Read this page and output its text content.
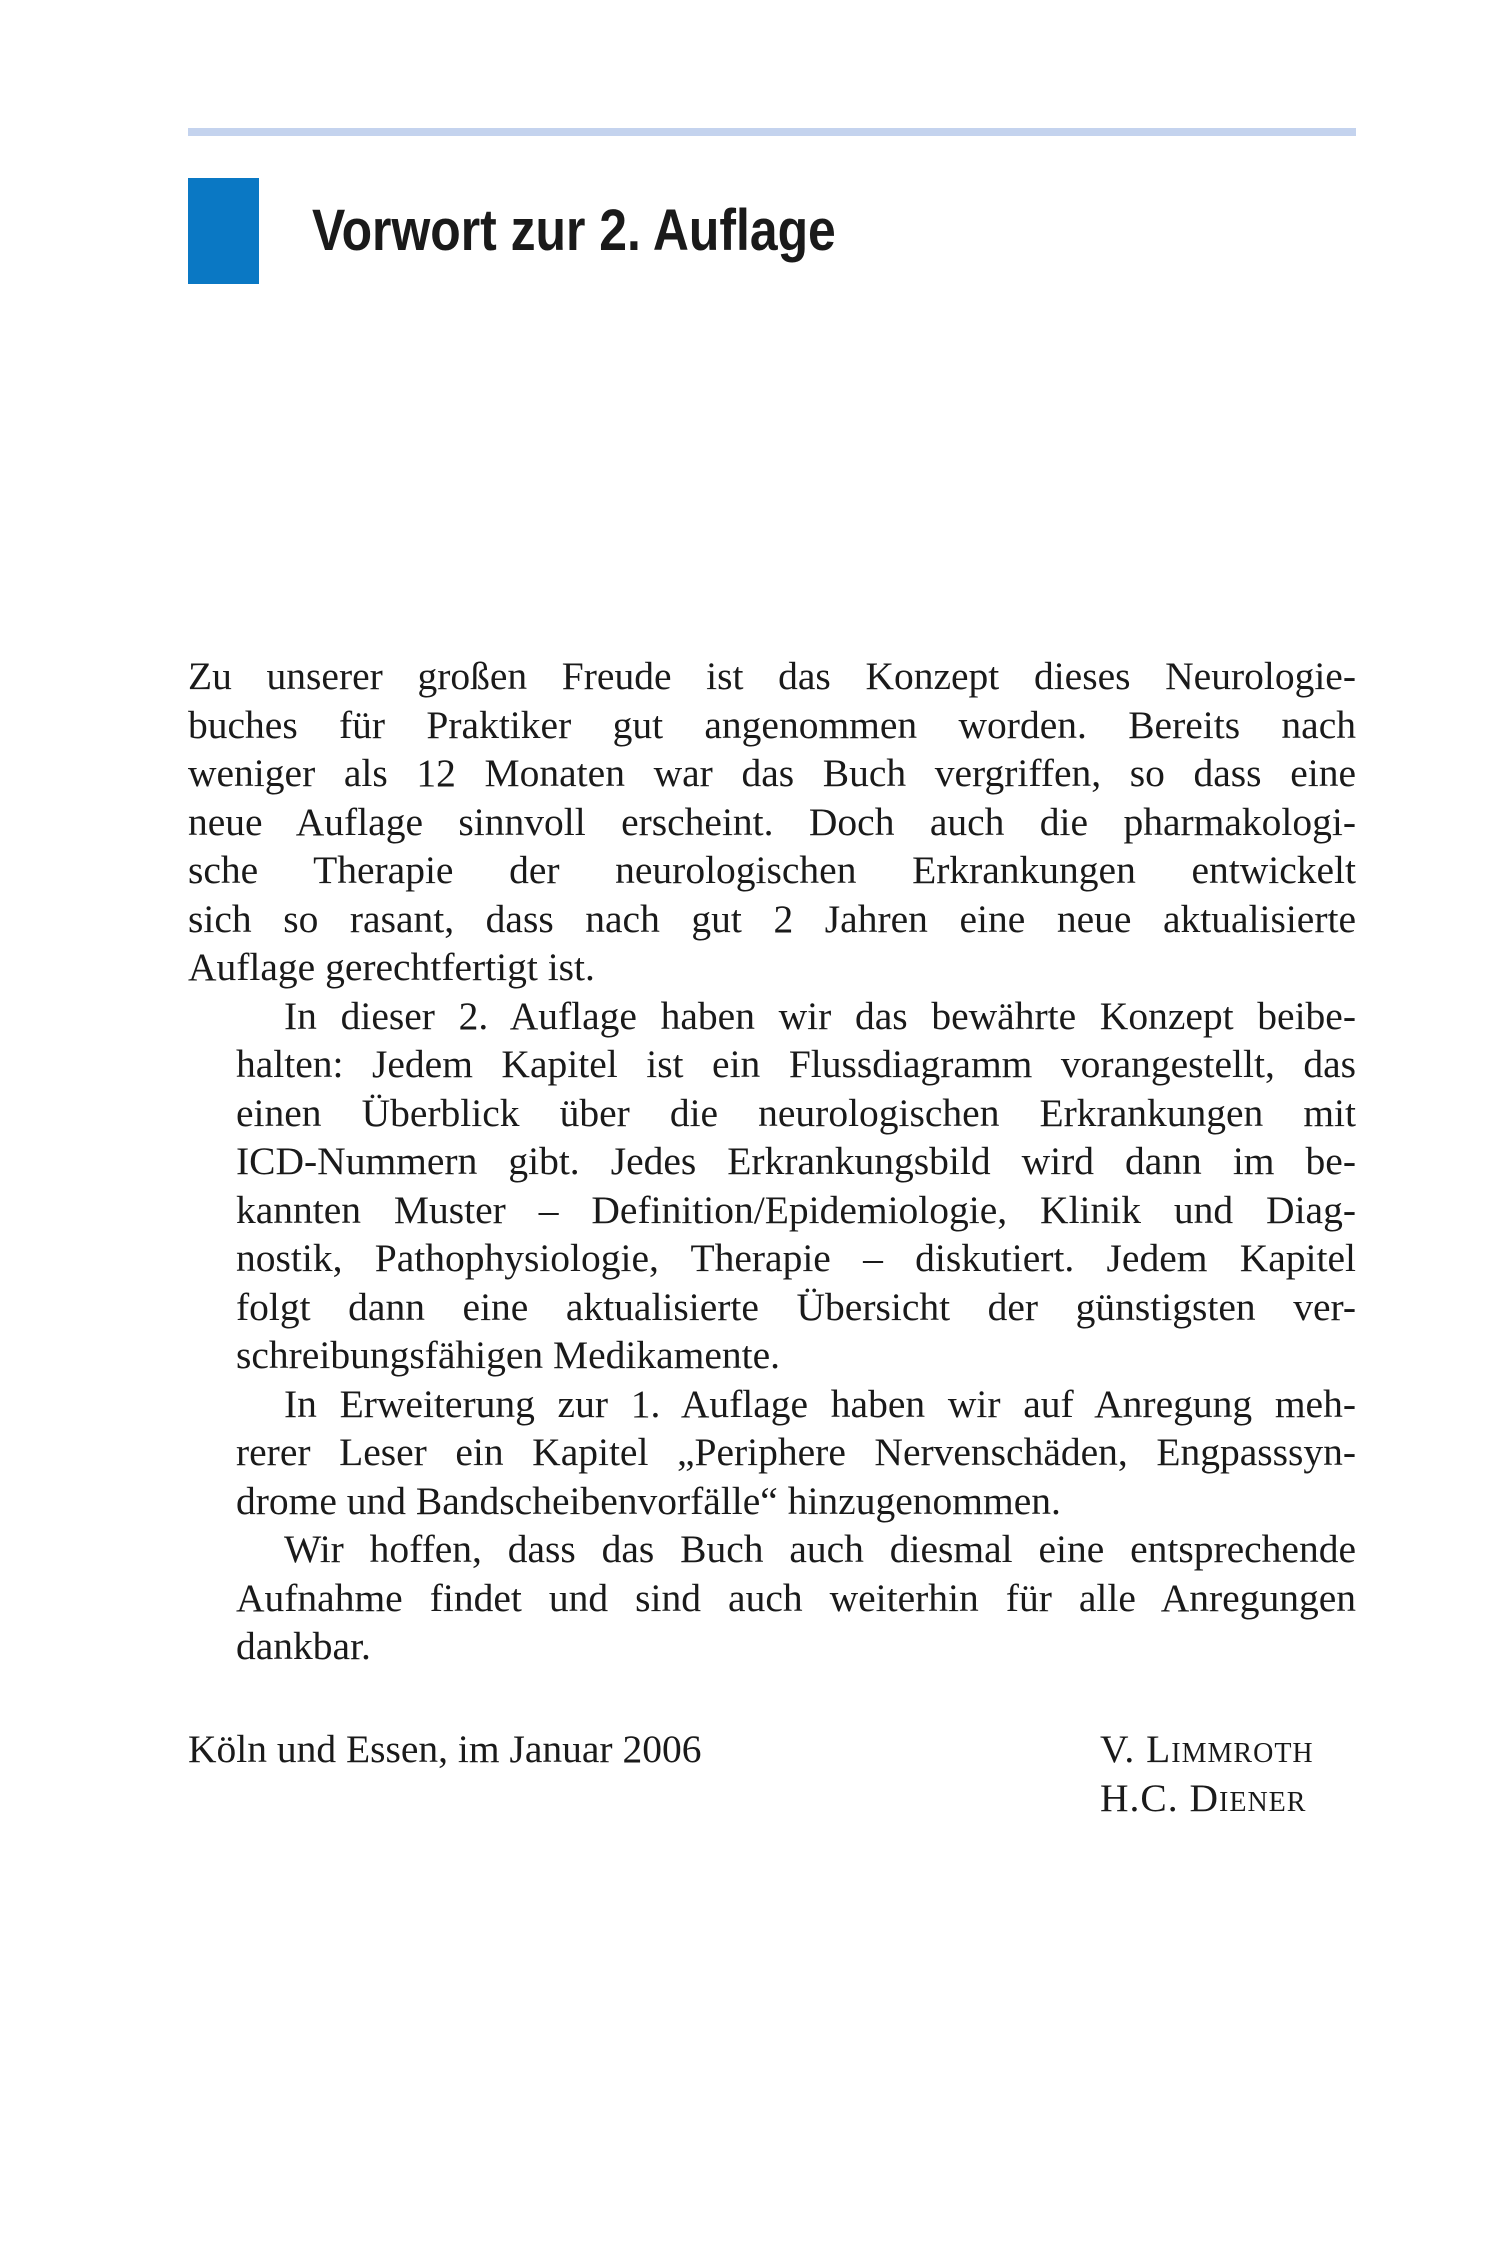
Vorwort zur 2. Auflage
Zu unserer großen Freude ist das Konzept dieses Neurologie-
buches für Praktiker gut angenommen worden. Bereits nach
weniger als 12 Monaten war das Buch vergriffen, so dass eine
neue Auflage sinnvoll erscheint. Doch auch die pharmakologi-
sche Therapie der neurologischen Erkrankungen entwickelt
sich so rasant, dass nach gut 2 Jahren eine neue aktualisierte
Auflage gerechtfertigt ist.
In dieser 2. Auflage haben wir das bewährte Konzept beibe-
halten: Jedem Kapitel ist ein Flussdiagramm vorangestellt, das
einen Überblick über die neurologischen Erkrankungen mit
ICD-Nummern gibt. Jedes Erkrankungsbild wird dann im be-
kannten Muster – Definition/Epidemiologie, Klinik und Diag-
nostik, Pathophysiologie, Therapie – diskutiert. Jedem Kapitel
folgt dann eine aktualisierte Übersicht der günstigsten ver-
schreibungsfähigen Medikamente.
In Erweiterung zur 1. Auflage haben wir auf Anregung meh-
rerer Leser ein Kapitel „Periphere Nervenschäden, Engpasssyn-
drome und Bandscheibenvorfälle“ hinzugenommen.
Wir hoffen, dass das Buch auch diesmal eine entsprechende
Aufnahme findet und sind auch weiterhin für alle Anregungen
dankbar.
Köln und Essen, im Januar 2006	V. Limmroth
H.C. Diener
